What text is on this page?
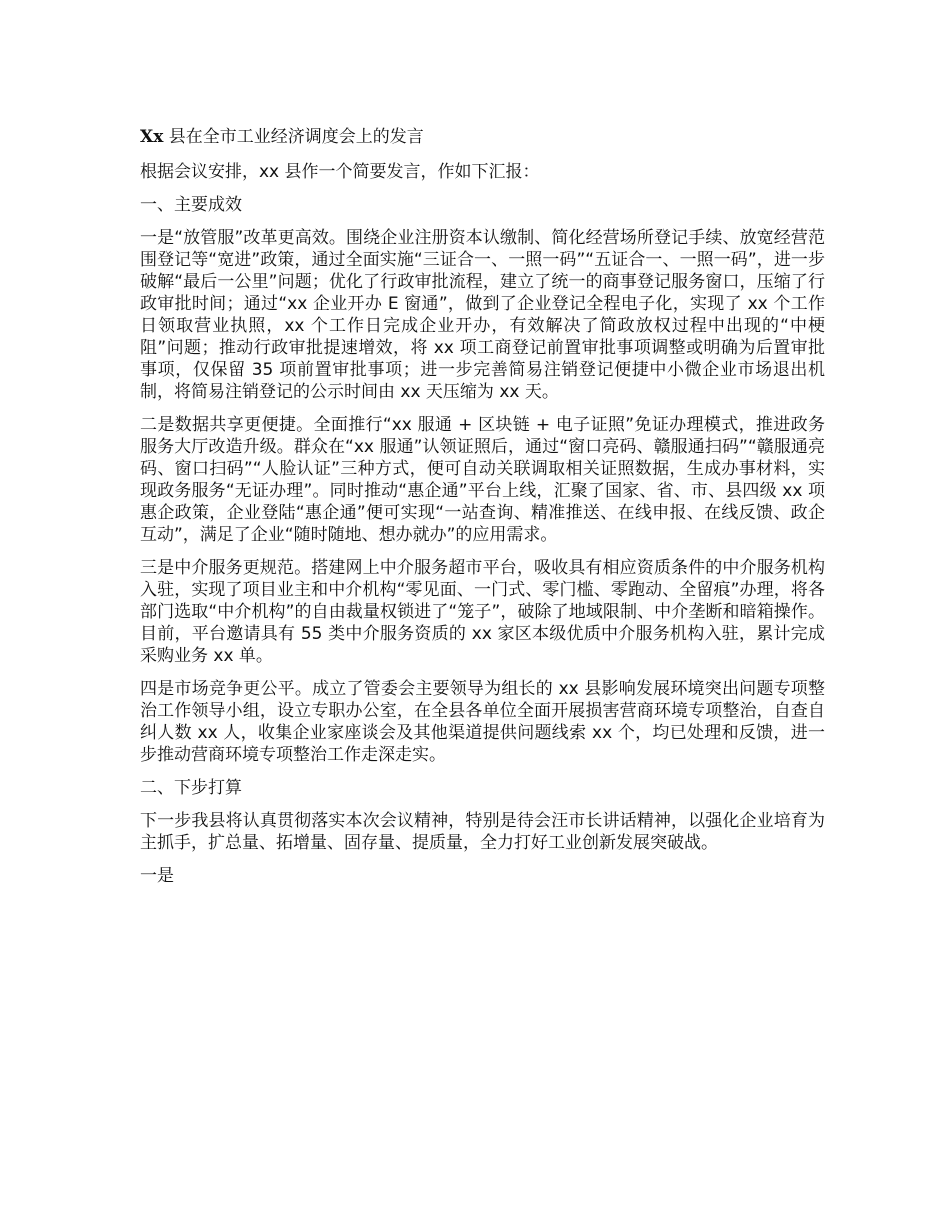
Xx 县在全市工业经济调度会上的发言

根据会议安排，xx 县作一个简要发言，作如下汇报：

一、主要成效

一是“放管服”改革更高效。围绕企业注册资本认缴制、简化经营场所登记手续、放宽经营范围登记等“宽进”政策，通过全面实施“三证合一、一照一码”“五证合一、一照一码”，进一步破解“最后一公里”问题；优化了行政审批流程，建立了统一的商事登记服务窗口，压缩了行政审批时间；通过“xx 企业开办 E 窗通”，做到了企业登记全程电子化，实现了 xx 个工作日领取营业执照，xx 个工作日完成企业开办，有效解决了简政放权过程中出现的“中梗阻”问题；推动行政审批提速增效，将 xx 项工商登记前置审批事项调整或明确为后置审批事项，仅保留 35 项前置审批事项；进一步完善简易注销登记便捷中小微企业市场退出机制，将简易注销登记的公示时间由 xx 天压缩为 xx 天。

二是数据共享更便捷。全面推行“xx 服通 + 区块链 + 电子证照”免证办理模式，推进政务服务大厅改造升级。群众在“xx 服通”认领证照后，通过“窗口亮码、赣服通扫码”“赣服通亮码、窗口扫码”“人脸认证”三种方式，便可自动关联调取相关证照数据，生成办事材料，实现政务服务“无证办理”。同时推动“惠企通”平台上线，汇聚了国家、省、市、县四级 xx 项惠企政策，企业登陆“惠企通”便可实现“一站查询、精准推送、在线申报、在线反馈、政企互动”，满足了企业“随时随地、想办就办”的应用需求。

三是中介服务更规范。搭建网上中介服务超市平台，吸收具有相应资质条件的中介服务机构入驻，实现了项目业主和中介机构“零见面、一门式、零门槛、零跑动、全留痕”办理，将各部门选取“中介机构”的自由裁量权锁进了“笼子”，破除了地域限制、中介垄断和暗箱操作。目前，平台邀请具有 55 类中介服务资质的 xx 家区本级优质中介服务机构入驻，累计完成采购业务 xx 单。

四是市场竞争更公平。成立了管委会主要领导为组长的 xx 县影响发展环境突出问题专项整治工作领导小组，设立专职办公室，在全县各单位全面开展损害营商环境专项整治，自查自纠人数 xx 人，收集企业家座谈会及其他渠道提供问题线索 xx 个，均已处理和反馈，进一步推动营商环境专项整治工作走深走实。

二、下步打算

下一步我县将认真贯彻落实本次会议精神，特别是待会汪市长讲话精神，以强化企业培育为主抓手，扩总量、拓增量、固存量、提质量，全力打好工业创新发展突破战。

一是
